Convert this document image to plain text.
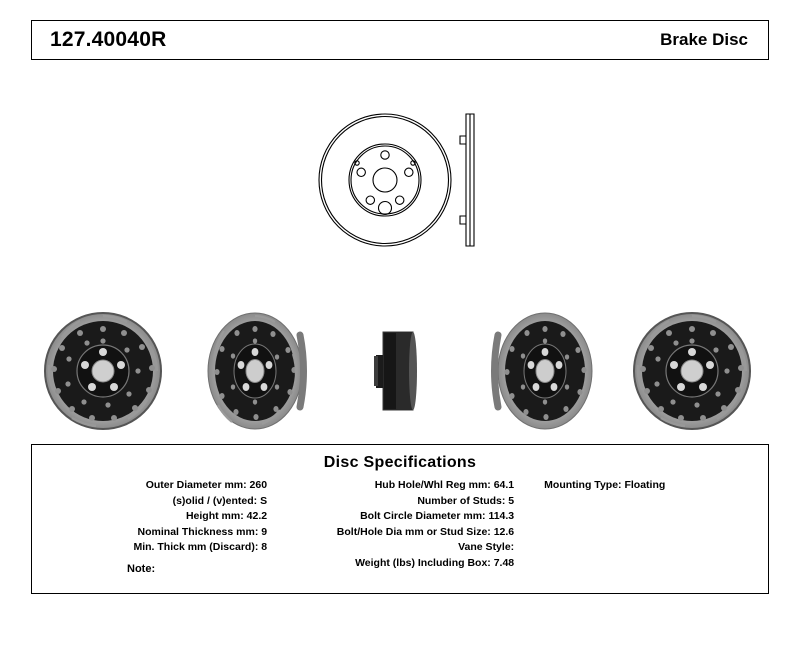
127.40040R	Brake Disc
Disc Specifications
Outer Diameter mm: 260
(s)olid / (v)ented: S
Height mm: 42.2
Nominal Thickness mm: 9
Min. Thick mm (Discard): 8
Hub Hole/Whl Reg mm: 64.1
Number of Studs: 5
Bolt Circle Diameter mm: 114.3
Bolt/Hole Dia mm or Stud Size: 12.6
Vane Style:
Weight (lbs) Including Box: 7.48
Mounting Type: Floating
Note:
